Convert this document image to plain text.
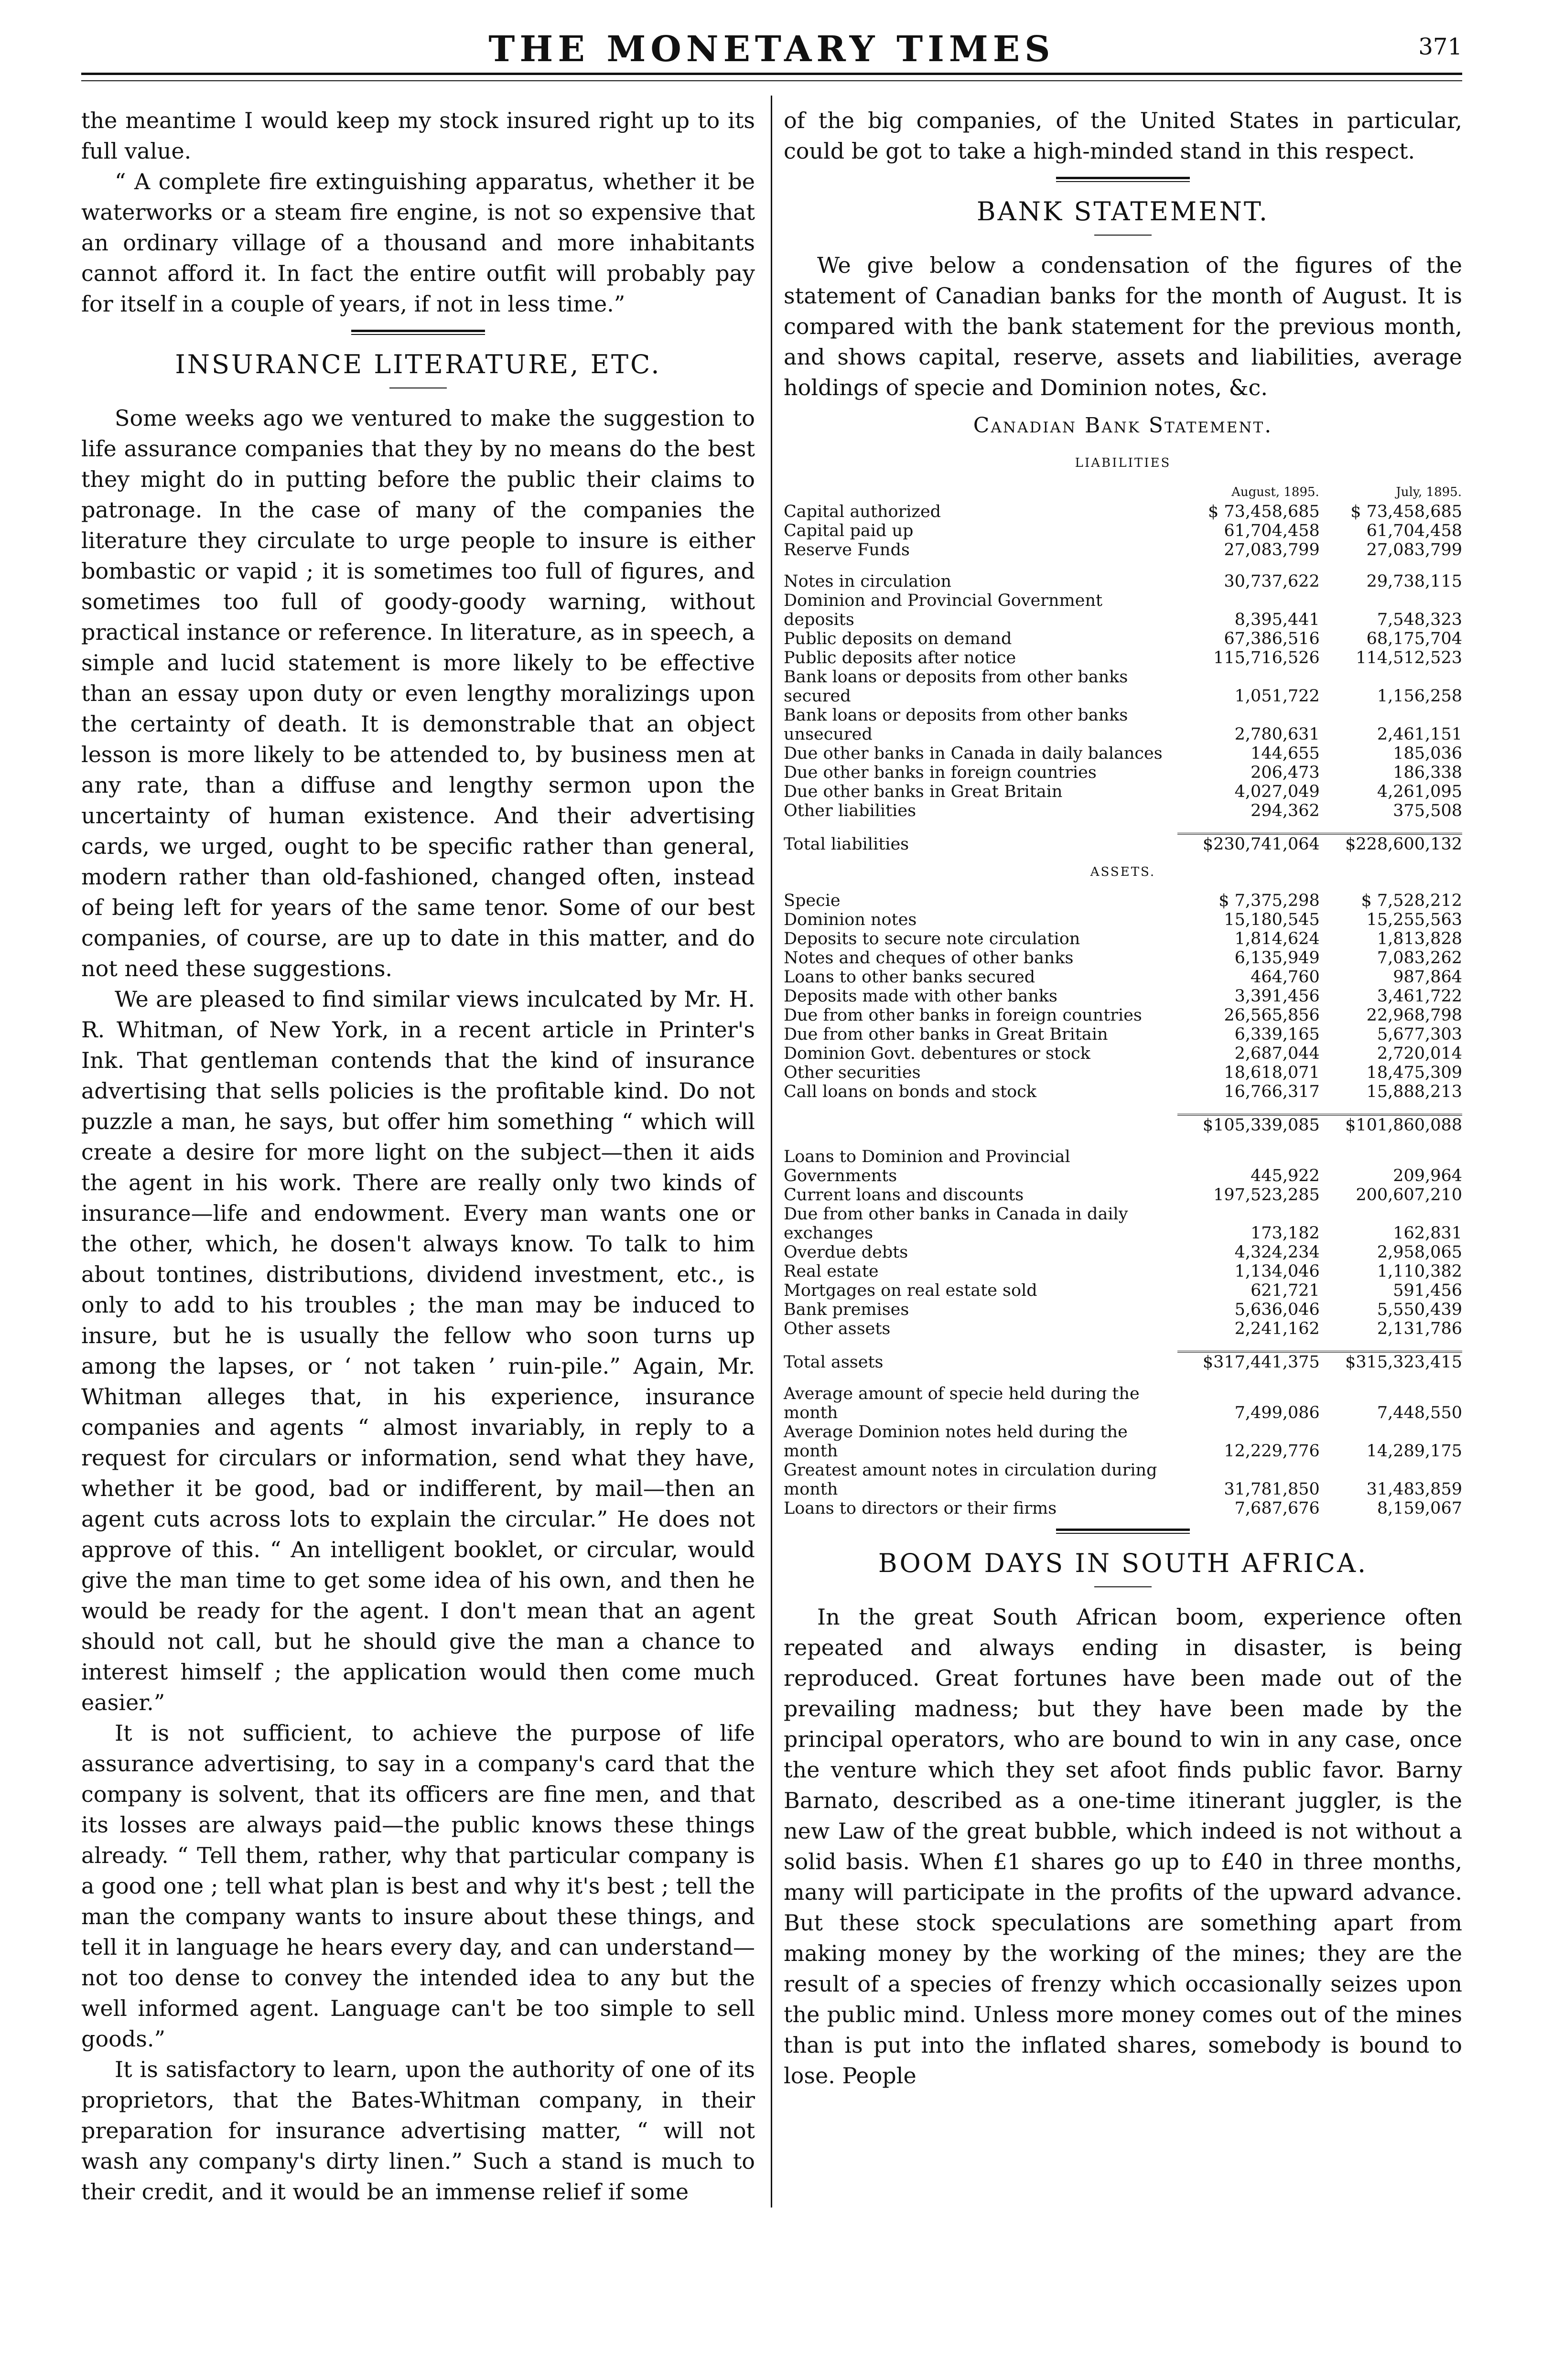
THE MONETARY TIMES	371

the meantime I would keep my stock insured right up to its full value.

“ A complete fire extinguishing apparatus, whether it be waterworks or a steam fire engine, is not so expensive that an ordinary village of a thousand and more inhabitants cannot afford it. In fact the entire outfit will probably pay for itself in a couple of years, if not in less time.”

INSURANCE LITERATURE, ETC.

Some weeks ago we ventured to make the suggestion to life assurance companies that they by no means do the best they might do in putting before the public their claims to patronage. In the case of many of the companies the literature they circulate to urge people to insure is either bombastic or vapid ; it is sometimes too full of figures, and sometimes too full of goody-goody warning, without practical instance or reference. In literature, as in speech, a simple and lucid statement is more likely to be effective than an essay upon duty or even lengthy moralizings upon the certainty of death. It is demonstrable that an object lesson is more likely to be attended to, by business men at any rate, than a diffuse and lengthy sermon upon the uncertainty of human existence. And their advertising cards, we urged, ought to be specific rather than general, modern rather than old-fashioned, changed often, instead of being left for years of the same tenor. Some of our best companies, of course, are up to date in this matter, and do not need these suggestions.

We are pleased to find similar views inculcated by Mr. H. R. Whitman, of New York, in a recent article in Printer's Ink. That gentleman contends that the kind of insurance advertising that sells policies is the profitable kind. Do not puzzle a man, he says, but offer him something “ which will create a desire for more light on the subject—then it aids the agent in his work. There are really only two kinds of insurance—life and endowment. Every man wants one or the other, which, he dosen't always know. To talk to him about tontines, distributions, dividend investment, etc., is only to add to his troubles ; the man may be induced to insure, but he is usually the fellow who soon turns up among the lapses, or ‘ not taken ’ ruin-pile.” Again, Mr. Whitman alleges that, in his experience, insurance companies and agents “ almost invariably, in reply to a request for circulars or information, send what they have, whether it be good, bad or indifferent, by mail—then an agent cuts across lots to explain the circular.” He does not approve of this. “ An intelligent booklet, or circular, would give the man time to get some idea of his own, and then he would be ready for the agent. I don't mean that an agent should not call, but he should give the man a chance to interest himself ; the application would then come much easier.”

It is not sufficient, to achieve the purpose of life assurance advertising, to say in a company's card that the company is solvent, that its officers are fine men, and that its losses are always paid—the public knows these things already. “ Tell them, rather, why that particular company is a good one ; tell what plan is best and why it's best ; tell the man the company wants to insure about these things, and tell it in language he hears every day, and can understand—not too dense to convey the intended idea to any but the well informed agent. Language can't be too simple to sell goods.”

It is satisfactory to learn, upon the authority of one of its proprietors, that the Bates-Whitman company, in their preparation for insurance advertising matter, “ will not wash any company's dirty linen.” Such a stand is much to their credit, and it would be an immense relief if some

of the big companies, of the United States in particular, could be got to take a high-minded stand in this respect.

BANK STATEMENT.

We give below a condensation of the figures of the statement of Canadian banks for the month of August. It is compared with the bank statement for the previous month, and shows capital, reserve, assets and liabilities, average holdings of specie and Dominion notes, &c.

Canadian Bank Statement.
LIABILITIES
	August, 1895.	July, 1895.
Capital authorized	$ 73,458,685	$ 73,458,685
Capital paid up	61,704,458	61,704,458
Reserve Funds	27,083,799	27,083,799

Notes in circulation	30,737,622	29,738,115
Dominion and Provincial Government deposits	8,395,441	7,548,323
Public deposits on demand	67,386,516	68,175,704
Public deposits after notice	115,716,526	114,512,523
Bank loans or deposits from other banks secured	1,051,722	1,156,258
Bank loans or deposits from other banks unsecured	2,780,631	2,461,151
Due other banks in Canada in daily balances	144,655	185,036
Due other banks in foreign countries	206,473	186,338
Due other banks in Great Britain	4,027,049	4,261,095
Other liabilities	294,362	375,508

Total liabilities	$230,741,064	$228,600,132
ASSETS.
Specie	$ 7,375,298	$ 7,528,212
Dominion notes	15,180,545	15,255,563
Deposits to secure note circulation	1,814,624	1,813,828
Notes and cheques of other banks	6,135,949	7,083,262
Loans to other banks secured	464,760	987,864
Deposits made with other banks	3,391,456	3,461,722
Due from other banks in foreign countries	26,565,856	22,968,798
Due from other banks in Great Britain	6,339,165	5,677,303
Dominion Govt. debentures or stock	2,687,044	2,720,014
Other securities	18,618,071	18,475,309
Call loans on bonds and stock	16,766,317	15,888,213

	$105,339,085	$101,860,088

Loans to Dominion and Provincial Governments	445,922	209,964
Current loans and discounts	197,523,285	200,607,210
Due from other banks in Canada in daily exchanges	173,182	162,831
Overdue debts	4,324,234	2,958,065
Real estate	1,134,046	1,110,382
Mortgages on real estate sold	621,721	591,456
Bank premises	5,636,046	5,550,439
Other assets	2,241,162	2,131,786

Total assets	$317,441,375	$315,323,415

Average amount of specie held during the month	7,499,086	7,448,550
Average Dominion notes held during the month	12,229,776	14,289,175
Greatest amount notes in circulation during month	31,781,850	31,483,859
Loans to directors or their firms	7,687,676	8,159,067
BOOM DAYS IN SOUTH AFRICA.

In the great South African boom, experience often repeated and always ending in disaster, is being reproduced. Great fortunes have been made out of the prevailing madness; but they have been made by the principal operators, who are bound to win in any case, once the venture which they set afoot finds public favor. Barny Barnato, described as a one-time itinerant juggler, is the new Law of the great bubble, which indeed is not without a solid basis. When £1 shares go up to £40 in three months, many will participate in the profits of the upward advance. But these stock speculations are something apart from making money by the working of the mines; they are the result of a species of frenzy which occasionally seizes upon the public mind. Unless more money comes out of the mines than is put into the inflated shares, somebody is bound to lose. People
